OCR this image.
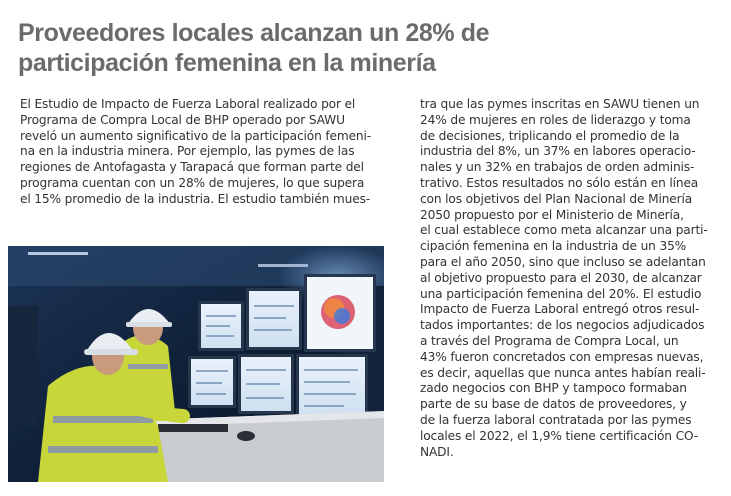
Proveedores locales alcanzan un 28% de
participación femenina en la minería
El Estudio de Impacto de Fuerza Laboral realizado por el
Programa de Compra Local de BHP operado por SAWU
reveló un aumento significativo de la participación femeni-
na en la industria minera. Por ejemplo, las pymes de las
regiones de Antofagasta y Tarapacá que forman parte del
programa cuentan con un 28% de mujeres, lo que supera
el 15% promedio de la industria. El estudio también mues-
tra que las pymes inscritas en SAWU tienen un
24% de mujeres en roles de liderazgo y toma
de decisiones, triplicando el promedio de la
industria del 8%, un 37% en labores operacio-
nales y un 32% en trabajos de orden adminis-
trativo. Estos resultados no sólo están en línea
con los objetivos del Plan Nacional de Minería
2050 propuesto por el Ministerio de Minería,
el cual establece como meta alcanzar una parti-
cipación femenina en la industria de un 35%
para el año 2050, sino que incluso se adelantan
al objetivo propuesto para el 2030, de alcanzar
una participación femenina del 20%. El estudio
Impacto de Fuerza Laboral entregó otros resul-
tados importantes: de los negocios adjudicados
a través del Programa de Compra Local, un
43% fueron concretados con empresas nuevas,
es decir, aquellas que nunca antes habían reali-
zado negocios con BHP y tampoco formaban
parte de su base de datos de proveedores, y
de la fuerza laboral contratada por las pymes
locales el 2022, el 1,9% tiene certificación CO-
NADI.
